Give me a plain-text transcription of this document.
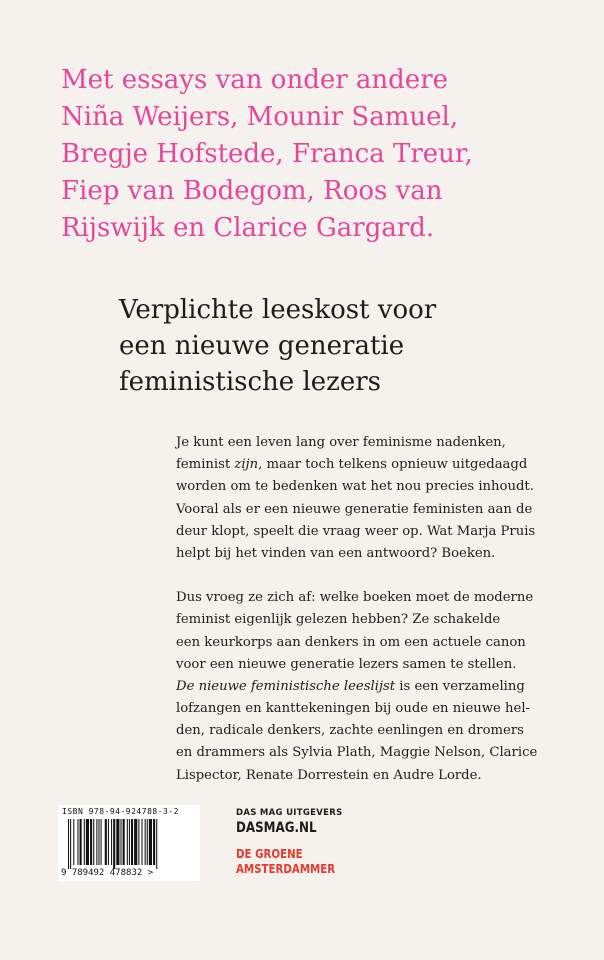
Met essays van onder andere
Niña Weijers, Mounir Samuel,
Bregje Hofstede, Franca Treur,
Fiep van Bodegom, Roos van
Rijswijk en Clarice Gargard.
Verplichte leeskost voor
een nieuwe generatie
feministische lezers
Je kunt een leven lang over feminisme nadenken,
feminist zijn, maar toch telkens opnieuw uitgedaagd
worden om te bedenken wat het nou precies inhoudt.
Vooral als er een nieuwe generatie feministen aan de
deur klopt, speelt die vraag weer op. Wat Marja Pruis
helpt bij het vinden van een antwoord? Boeken.
Dus vroeg ze zich af: welke boeken moet de moderne
feminist eigenlijk gelezen hebben? Ze schakelde
een keurkorps aan denkers in om een actuele canon
voor een nieuwe generatie lezers samen te stellen.
De nieuwe feministische leeslijst is een verzameling
lofzangen en kanttekeningen bij oude en nieuwe hel-
den, radicale denkers, zachte eenlingen en dromers
en drammers als Sylvia Plath, Maggie Nelson, Clarice
Lispector, Renate Dorrestein en Audre Lorde.
ISBN 978-94-924788-3-2
9 789492 478832 >
DAS MAG UITGEVERS
DASMAG.NL
DE GROENE
AMSTERDAMMER
